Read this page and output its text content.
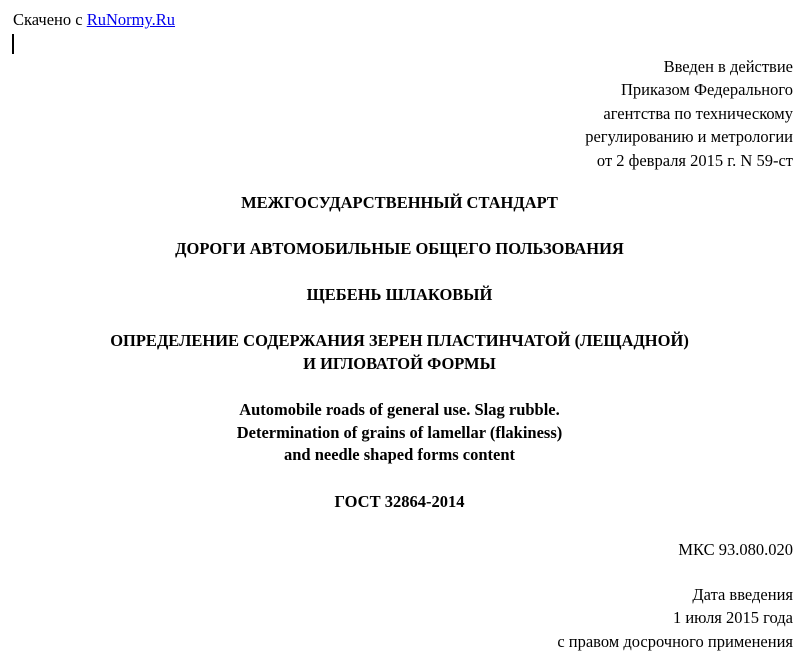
Скачено с RuNormy.Ru
Введен в действие
Приказом Федерального
агентства по техническому
регулированию и метрологии
от 2 февраля 2015 г. N 59-ст
МЕЖГОСУДАРСТВЕННЫЙ СТАНДАРТ
ДОРОГИ АВТОМОБИЛЬНЫЕ ОБЩЕГО ПОЛЬЗОВАНИЯ
ЩЕБЕНЬ ШЛАКОВЫЙ
ОПРЕДЕЛЕНИЕ СОДЕРЖАНИЯ ЗЕРЕН ПЛАСТИНЧАТОЙ (ЛЕЩАДНОЙ)
И ИГЛОВАТОЙ ФОРМЫ
Automobile roads of general use. Slag rubble.
Determination of grains of lamellar (flakiness)
and needle shaped forms content
ГОСТ 32864-2014
МКС 93.080.020
Дата введения
1 июля 2015 года
с правом досрочного применения
